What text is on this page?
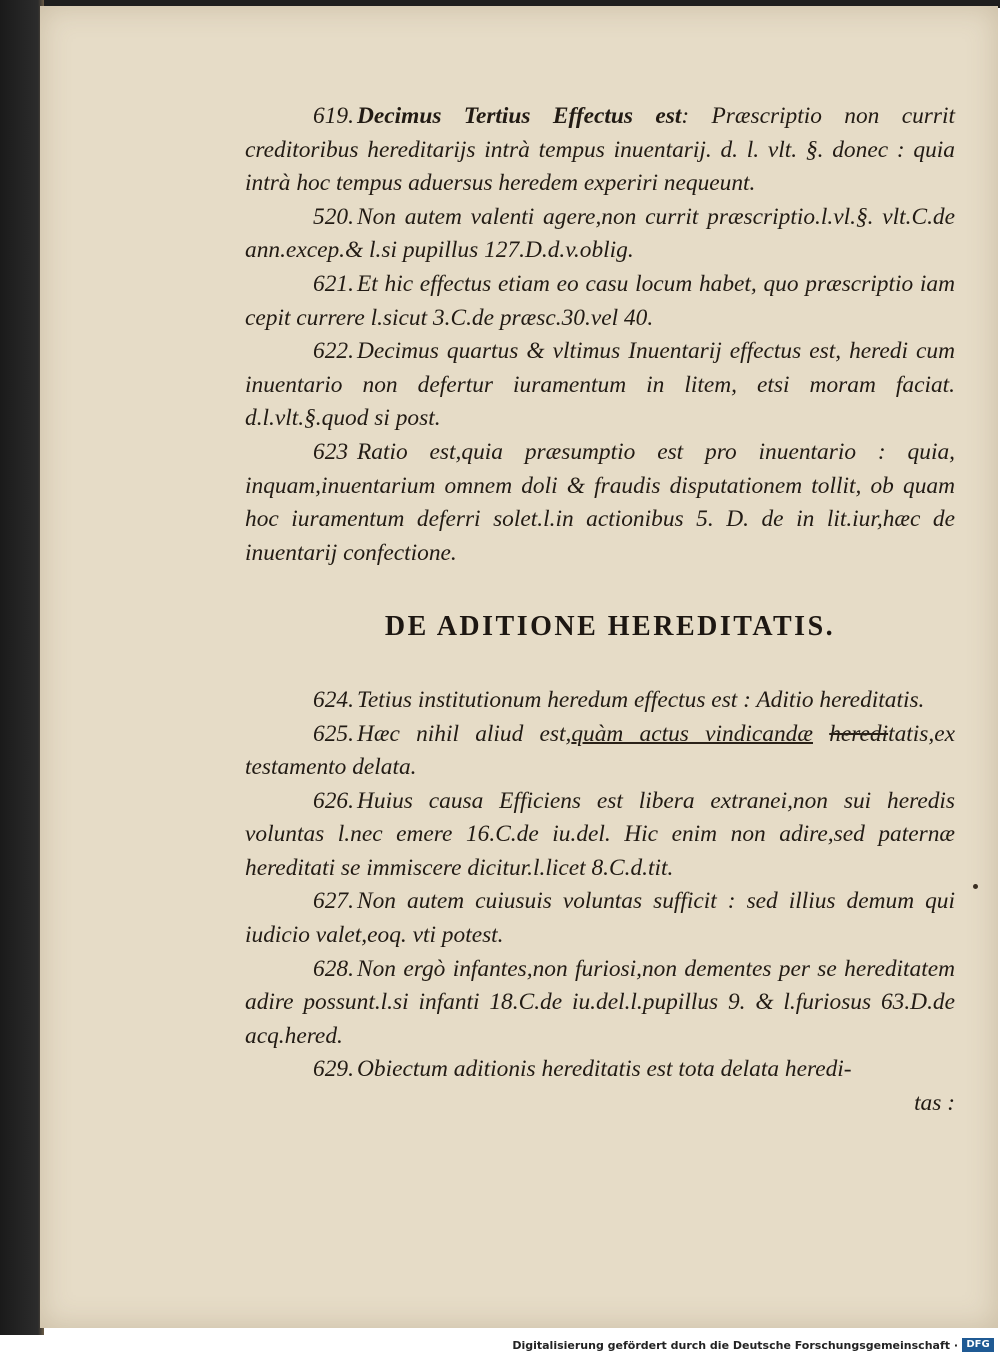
619. Decimus Tertius Effectus est: Præscriptio non currit creditoribus hereditarijs intrà tempus inuentarij. d. l. vlt. §. donec : quia intrà hoc tempus aduersus heredem experiri nequeunt.

520. Non autem valenti agere,non currit præscriptio.l.vl.§. vlt.C.de ann.excep.& l.si pupillus 127.D.d.v.oblig.

621. Et hic effectus etiam eo casu locum habet, quo præscriptio iam cepit currere l.sicut 3.C.de præsc.30.vel 40.

622. Decimus quartus & vltimus Inuentarij effectus est, heredi cum inuentario non defertur iuramentum in litem, etsi moram faciat. d.l.vlt.§.quod si post.

623 Ratio est,quia præsumptio est pro inuentario : quia, inquam,inuentarium omnem doli & fraudis disputationem tollit, ob quam hoc iuramentum deferri solet.l.in actionibus 5. D. de in lit.iur,hæc de inuentarij confectione.

DE ADITIONE HEREDITATIS.

624. Tetius institutionum heredum effectus est : Aditio hereditatis.

625. Hæc nihil aliud est,quàm actus vindicandæ hereditatis,ex testamento delata.

626. Huius causa Efficiens est libera extranei,non sui heredis voluntas l.nec emere 16.C.de iu.del. Hic enim non adire,sed paternæ hereditati se immiscere dicitur.l.licet 8.C.d.tit.

627. Non autem cuiusuis voluntas sufficit : sed illius demum qui iudicio valet,eoq. vti potest.

628. Non ergò infantes,non furiosi,non dementes per se hereditatem adire possunt.l.si infanti 18.C.de iu.del.l.pupillus 9. & l.furiosus 63.D.de acq.hered.

629. Obiectum aditionis hereditatis est tota delata heredi-

tas :

Digitalisierung gefördert durch die Deutsche Forschungsgemeinschaft · DFG
